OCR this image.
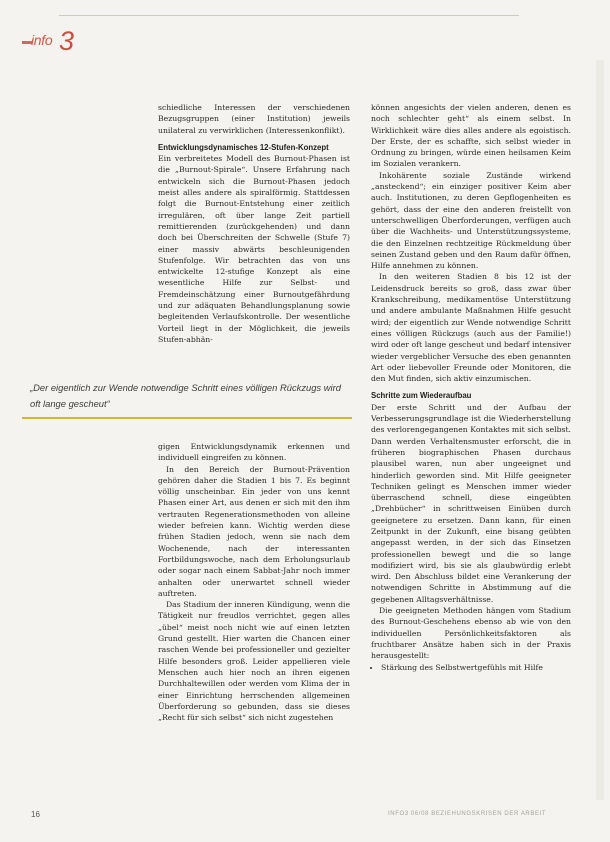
info 3

schiedliche Interessen der verschiedenen Bezugsgruppen (einer Institution) jeweils unilateral zu verwirklichen (Interessenkonflikt).

Entwicklungsdynamisches 12-Stufen-Konzept

Ein verbreitetes Modell des Burnout-Phasen ist die „Burnout-Spirale“. Unsere Erfahrung nach entwickeln sich die Burnout-Phasen jedoch meist alles andere als spiralförmig. Stattdessen folgt die Burnout-Entstehung einer zeitlich irregulären, oft über lange Zeit partiell remittierenden (zurückgehenden) und dann doch bei Überschreiten der Schwelle (Stufe 7) einer massiv abwärts beschleunigenden Stufenfolge. Wir betrachten das von uns entwickelte 12-stufige Konzept als eine wesentliche Hilfe zur Selbst- und Fremdeinschätzung einer Burnoutgefährdung und zur adäquaten Behandlungsplanung sowie begleitenden Verlaufskontrolle. Der wesentliche Vorteil liegt in der Möglichkeit, die jeweils Stufen-abhän-

„Der eigentlich zur Wende notwendige Schritt eines völligen Rückzugs wird oft lange gescheut“

gigen Entwicklungsdynamik erkennen und individuell eingreifen zu können.

In den Bereich der Burnout-Prävention gehören daher die Stadien 1 bis 7. Es beginnt völlig unscheinbar. Ein jeder von uns kennt Phasen einer Art, aus denen er sich mit den ihm vertrauten Regenerationsmethoden von alleine wieder befreien kann. Wichtig werden diese frühen Stadien jedoch, wenn sie nach dem Wochenende, nach der interessanten Fortbildungswoche, nach dem Erholungsurlaub oder sogar nach einem Sabbat-Jahr noch immer anhalten oder unerwartet schnell wieder auftreten.

Das Stadium der inneren Kündigung, wenn die Tätigkeit nur freudlos verrichtet, gegen alles „übel“ meist noch nicht wie auf einen letzten Grund gestellt. Hier warten die Chancen einer raschen Wende bei professioneller und gezielter Hilfe besonders groß. Leider appellieren viele Menschen auch hier noch an ihren eigenen Durchhaltewillen oder werden vom Klima der in einer Einrichtung herrschenden allgemeinen Überforderung so gebunden, dass sie dieses „Recht für sich selbst“ sich nicht zugestehen

können angesichts der vielen anderen, denen es noch schlechter geht“ als einem selbst. In Wirklichkeit wäre dies alles andere als egoistisch. Der Erste, der es schaffte, sich selbst wieder in Ordnung zu bringen, würde einen heilsamen Keim im Sozialen verankern.

Inkohärente soziale Zustände wirkend „ansteckend“; ein einziger positiver Keim aber auch. Institutionen, zu deren Gepflogenheiten es gehört, dass der eine den anderen freistellt von unterschwelligen Überforderungen, verfügen auch über die Wachheits- und Unterstützungssysteme, die den Einzelnen rechtzeitige Rückmeldung über seinen Zustand geben und den Raum dafür öffnen, Hilfe annehmen zu können.

In den weiteren Stadien 8 bis 12 ist der Leidensdruck bereits so groß, dass zwar über Krankschreibung, medikamentöse Unterstützung und andere ambulante Maßnahmen Hilfe gesucht wird; der eigentlich zur Wende notwendige Schritt eines völligen Rückzugs (auch aus der Familie!) wird oder oft lange gescheut und bedarf intensiver wieder vergeblicher Versuche des eben genannten Art oder liebevoller Freunde oder Monitoren, die den Mut finden, sich aktiv einzumischen.

Schritte zum Wiederaufbau

Der erste Schritt und der Aufbau der Verbesserungsgrundlage ist die Wiederherstellung des verlorengegangenen Kontaktes mit sich selbst. Dann werden Verhaltensmuster erforscht, die in früheren biographischen Phasen durchaus plausibel waren, nun aber ungeeignet und hinderlich geworden sind. Mit Hilfe geeigneter Techniken gelingt es Menschen immer wieder überraschend schnell, diese eingeübten „Drehbücher“ in schrittweisen Einüben durch geeignetere zu ersetzen. Dann kann, für einen Zeitpunkt in der Zukunft, eine bisang geübten angepasst werden, in der sich das Einsetzen professionellen bewegt und die so lange modifiziert wird, bis sie als glaubwürdig erlebt wird. Den Abschluss bildet eine Verankerung der notwendigen Schritte in Abstimmung auf die gegebenen Alltagsverhältnisse.

Die geeigneten Methoden hängen vom Stadium des Burnout-Geschehens ebenso ab wie von den individuellen Persönlichkeitsfaktoren als fruchtbarer Ansätze haben sich in der Praxis herausgestellt:

• Stärkung des Selbstwertgefühls mit Hilfe
16	INFO3 06/08 BEZIEHUNGSKRISEN DER ARBEIT
